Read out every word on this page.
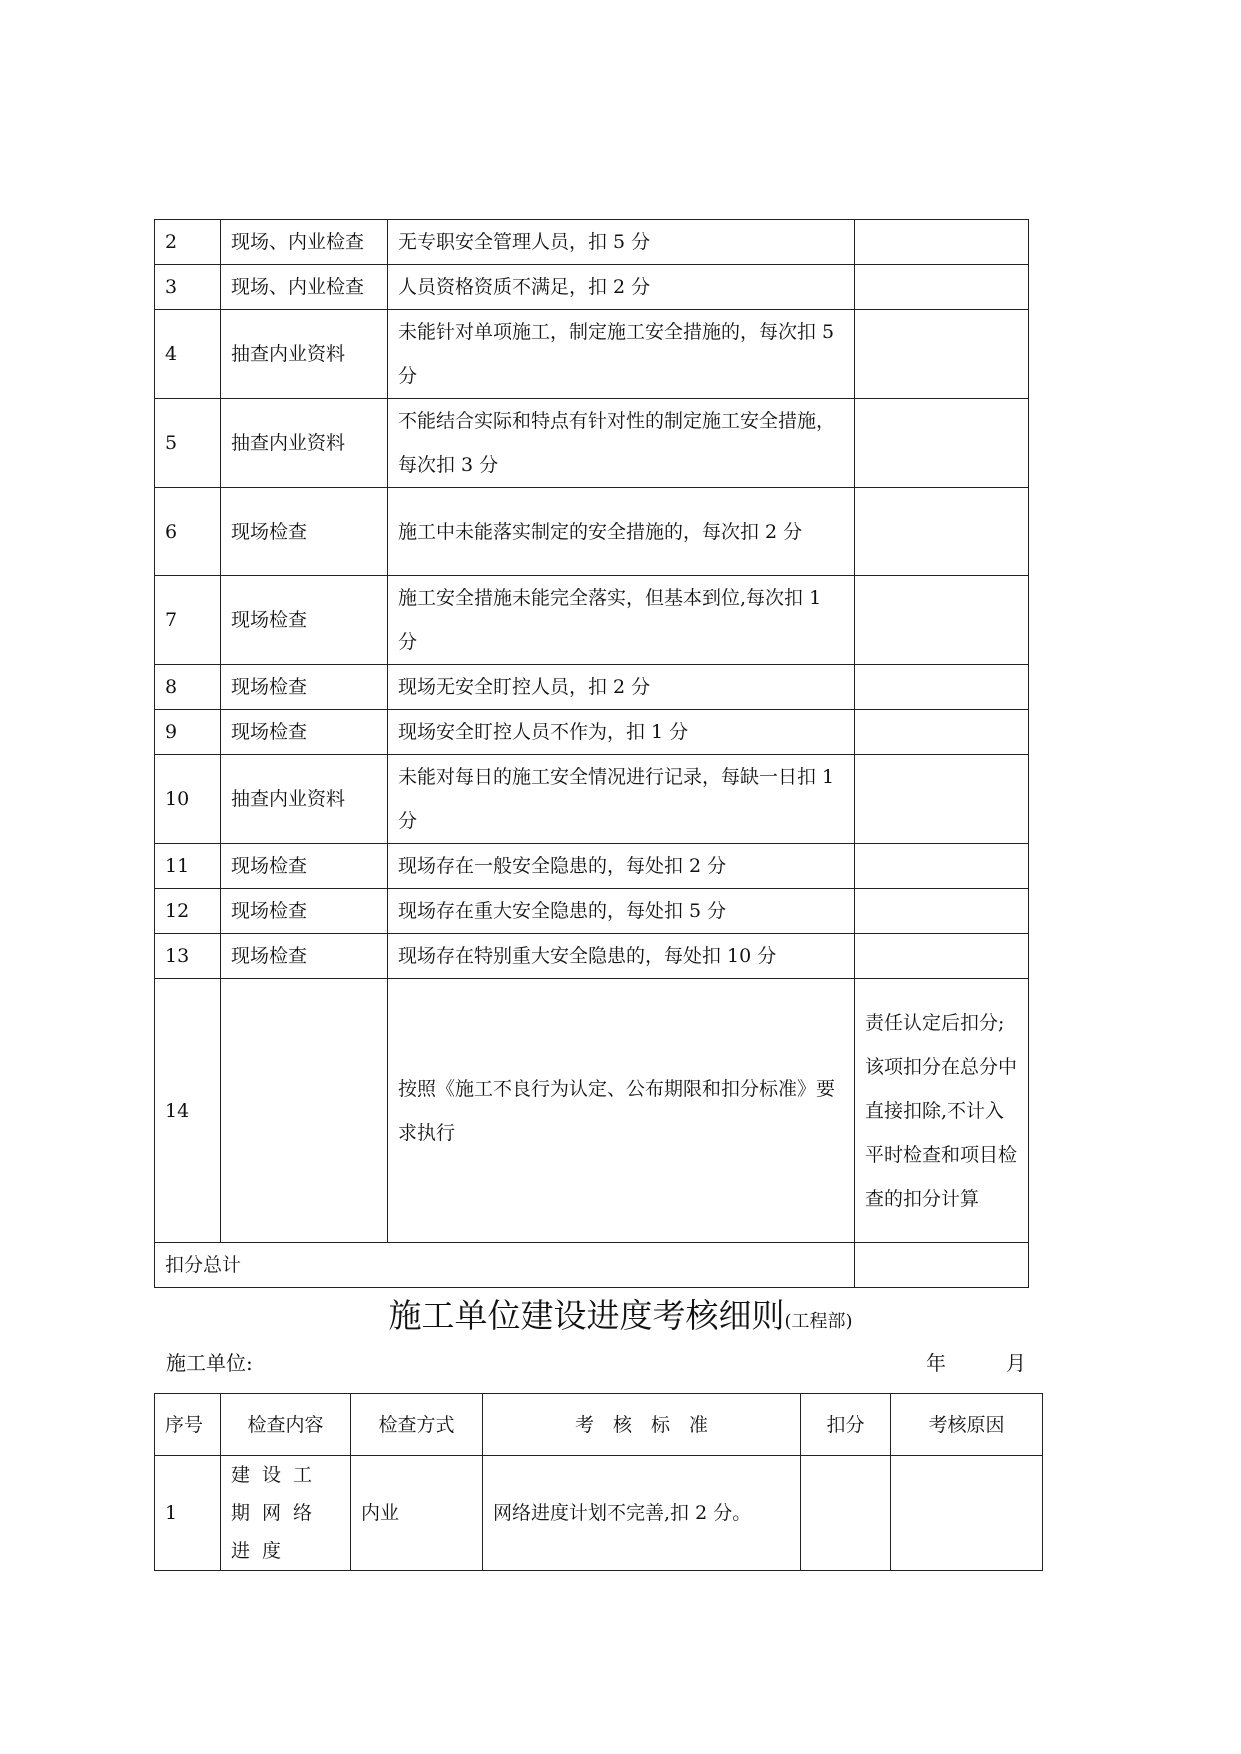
2	现场、内业检查	无专职安全管理人员，扣 5 分	
3	现场、内业检查	人员资格资质不满足，扣 2 分	
4	抽查内业资料	未能针对单项施工，制定施工安全措施的，每次扣 5 分	
5	抽查内业资料	不能结合实际和特点有针对性的制定施工安全措施，每次扣 3 分	
6	现场检查	施工中未能落实制定的安全措施的，每次扣 2 分	
7	现场检查	施工安全措施未能完全落实，但基本到位,每次扣 1 分	
8	现场检查	现场无安全盯控人员，扣 2 分	
9	现场检查	现场安全盯控人员不作为，扣 1 分	
10	抽查内业资料	未能对每日的施工安全情况进行记录，每缺一日扣 1 分	
11	现场检查	现场存在一般安全隐患的，每处扣 2 分	
12	现场检查	现场存在重大安全隐患的，每处扣 5 分	
13	现场检查	现场存在特别重大安全隐患的，每处扣 10 分	
14		按照《施工不良行为认定、公布期限和扣分标准》要求执行	责任认定后扣分;该项扣分在总分中直接扣除,不计入平时检查和项目检查的扣分计算
扣分总计			
施工单位建设进度考核细则(工程部)
施工单位:	年　　　月
序号	检查内容	检查方式	考　核　标　准	扣分	考核原因
1	建设工期网络进度	内业	网络进度计划不完善,扣 2 分。		
